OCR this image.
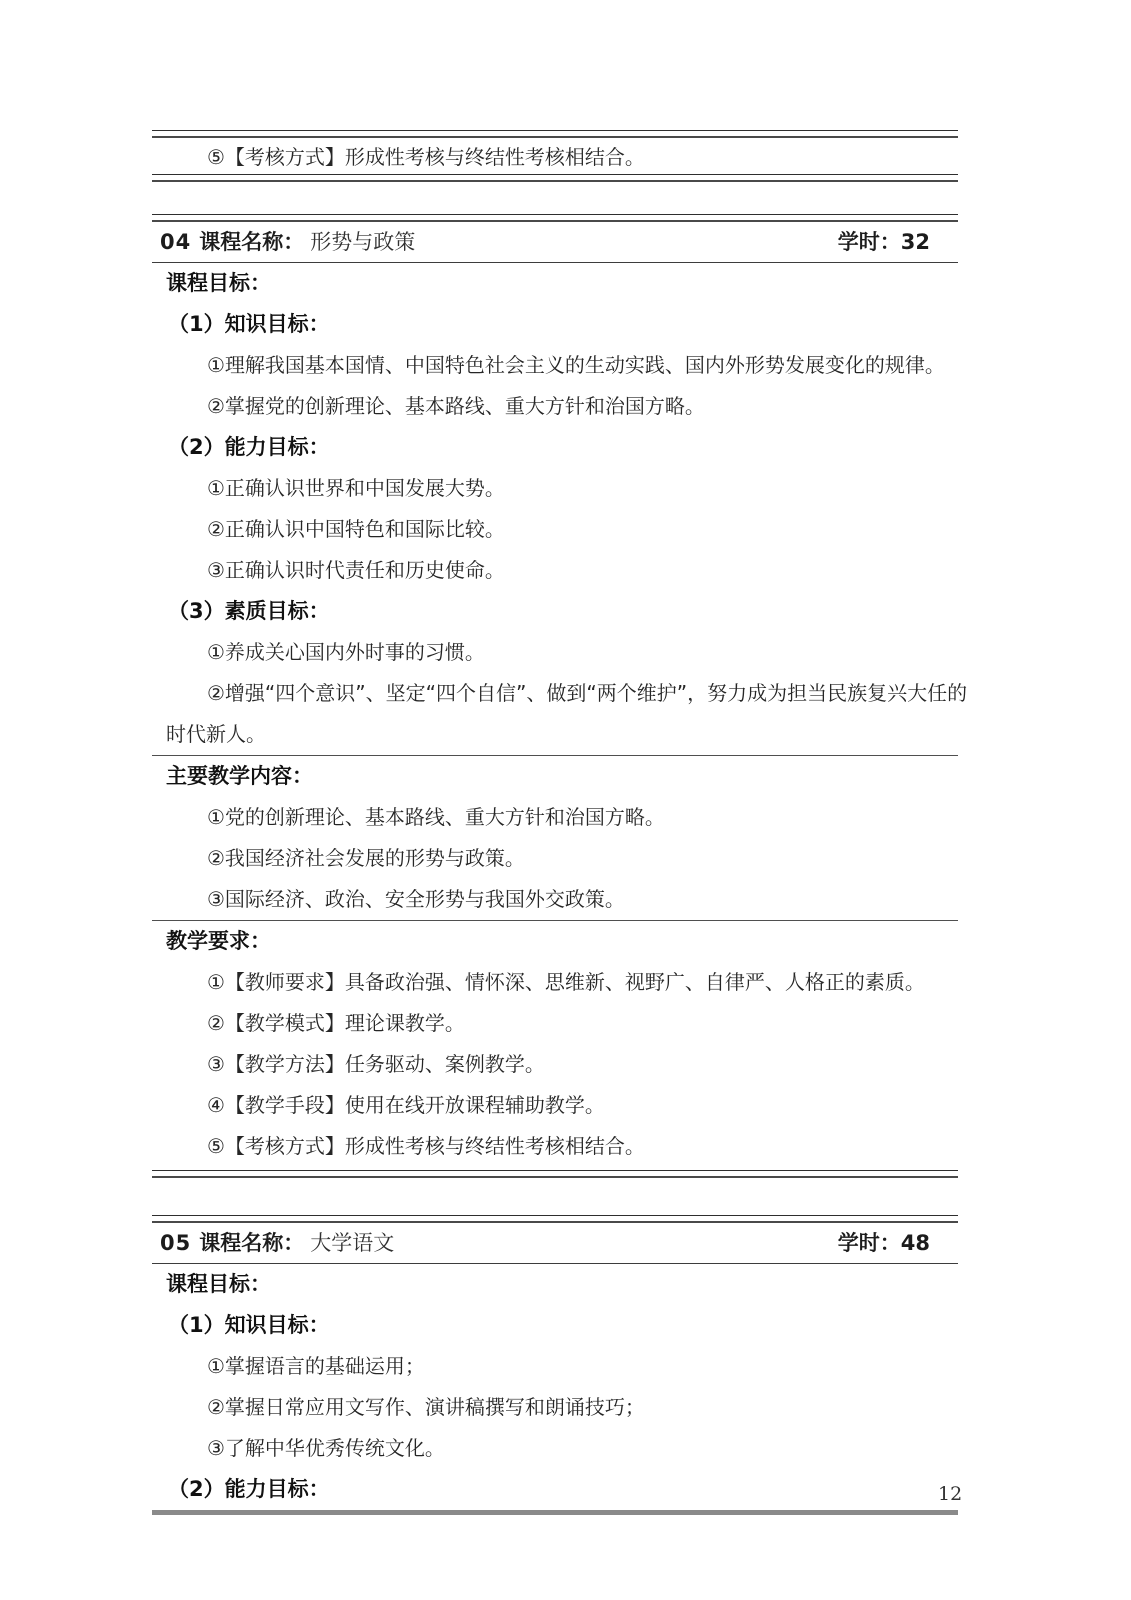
⑤【考核方式】形成性考核与终结性考核相结合。
04 课程名称： 形势与政策	学时：32
课程目标：
（1）知识目标：
①理解我国基本国情、中国特色社会主义的生动实践、国内外形势发展变化的规律。
②掌握党的创新理论、基本路线、重大方针和治国方略。
（2）能力目标：
①正确认识世界和中国发展大势。
②正确认识中国特色和国际比较。
③正确认识时代责任和历史使命。
（3）素质目标：
①养成关心国内外时事的习惯。
②增强“四个意识”、坚定“四个自信”、做到“两个维护”，努力成为担当民族复兴大任的
时代新人。
主要教学内容：
①党的创新理论、基本路线、重大方针和治国方略。
②我国经济社会发展的形势与政策。
③国际经济、政治、安全形势与我国外交政策。
教学要求：
①【教师要求】具备政治强、情怀深、思维新、视野广、自律严、人格正的素质。
②【教学模式】理论课教学。
③【教学方法】任务驱动、案例教学。
④【教学手段】使用在线开放课程辅助教学。
⑤【考核方式】形成性考核与终结性考核相结合。
05 课程名称： 大学语文	学时：48
课程目标：
（1）知识目标：
①掌握语言的基础运用；
②掌握日常应用文写作、演讲稿撰写和朗诵技巧；
③了解中华优秀传统文化。
（2）能力目标：	12
